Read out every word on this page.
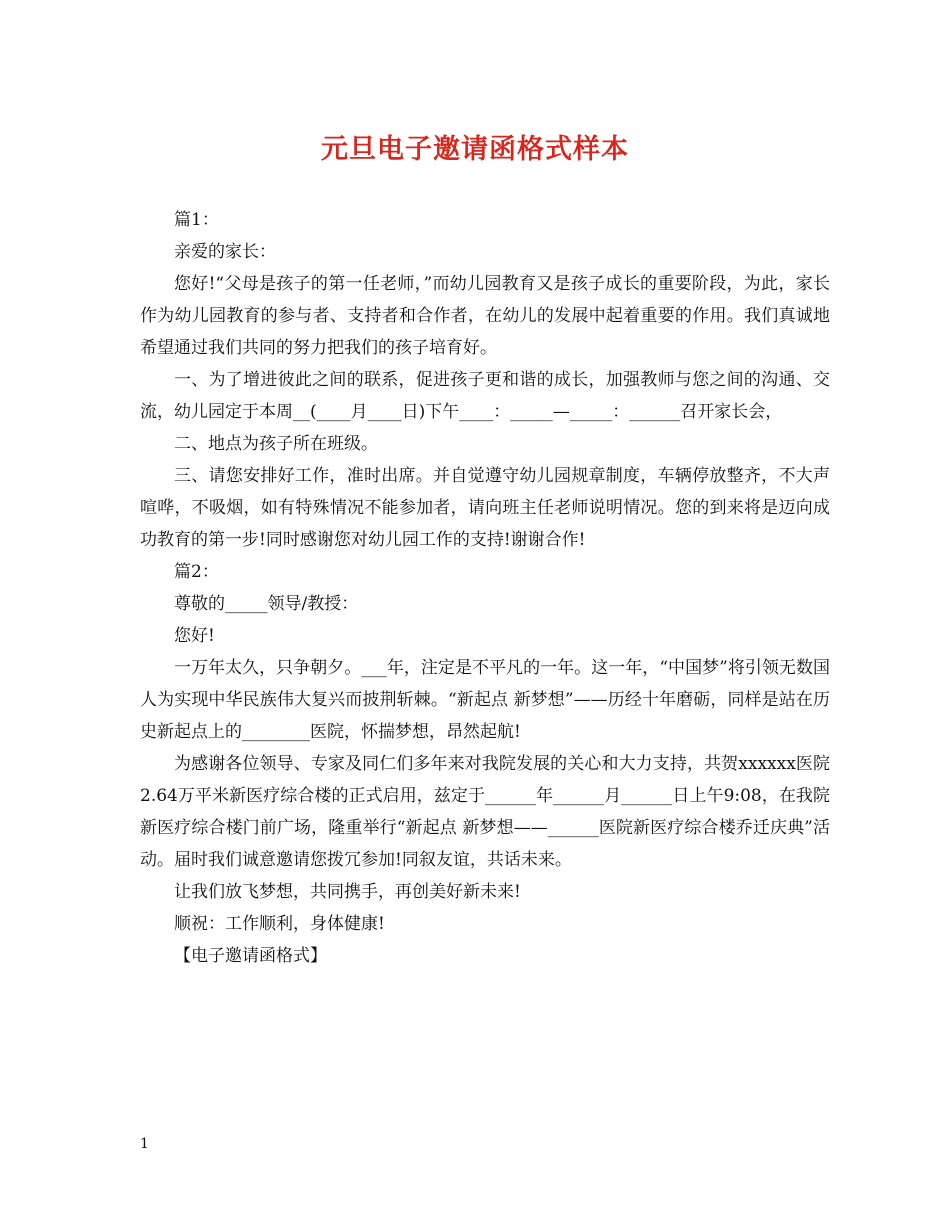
元旦电子邀请函格式样本

篇1：

亲爱的家长：

您好!“父母是孩子的第一任老师，”而幼儿园教育又是孩子成长的重要阶段，为此，家长作为幼儿园教育的参与者、支持者和合作者，在幼儿的发展中起着重要的作用。我们真诚地希望通过我们共同的努力把我们的孩子培育好。

一、为了增进彼此之间的联系，促进孩子更和谐的成长，加强教师与您之间的沟通、交流，幼儿园定于本周__(____月____日)下午____：_____—_____：______召开家长会，

二、地点为孩子所在班级。

三、请您安排好工作，准时出席。并自觉遵守幼儿园规章制度，车辆停放整齐，不大声喧哗，不吸烟，如有特殊情况不能参加者，请向班主任老师说明情况。您的到来将是迈向成功教育的第一步!同时感谢您对幼儿园工作的支持!谢谢合作!

篇2：

尊敬的_____领导/教授：

您好!

一万年太久，只争朝夕。___年，注定是不平凡的一年。这一年，“中国梦”将引领无数国人为实现中华民族伟大复兴而披荆斩棘。“新起点 新梦想”——历经十年磨砺，同样是站在历史新起点上的________医院，怀揣梦想，昂然起航!

为感谢各位领导、专家及同仁们多年来对我院发展的关心和大力支持，共贺xxxxxx医院2.64万平米新医疗综合楼的正式启用，兹定于______年______月______日上午9:08，在我院新医疗综合楼门前广场，隆重举行“新起点 新梦想——______医院新医疗综合楼乔迁庆典”活动。届时我们诚意邀请您拨冗参加!同叙友谊，共话未来。

让我们放飞梦想，共同携手，再创美好新未来!

顺祝：工作顺利，身体健康!

【电子邀请函格式】

1
